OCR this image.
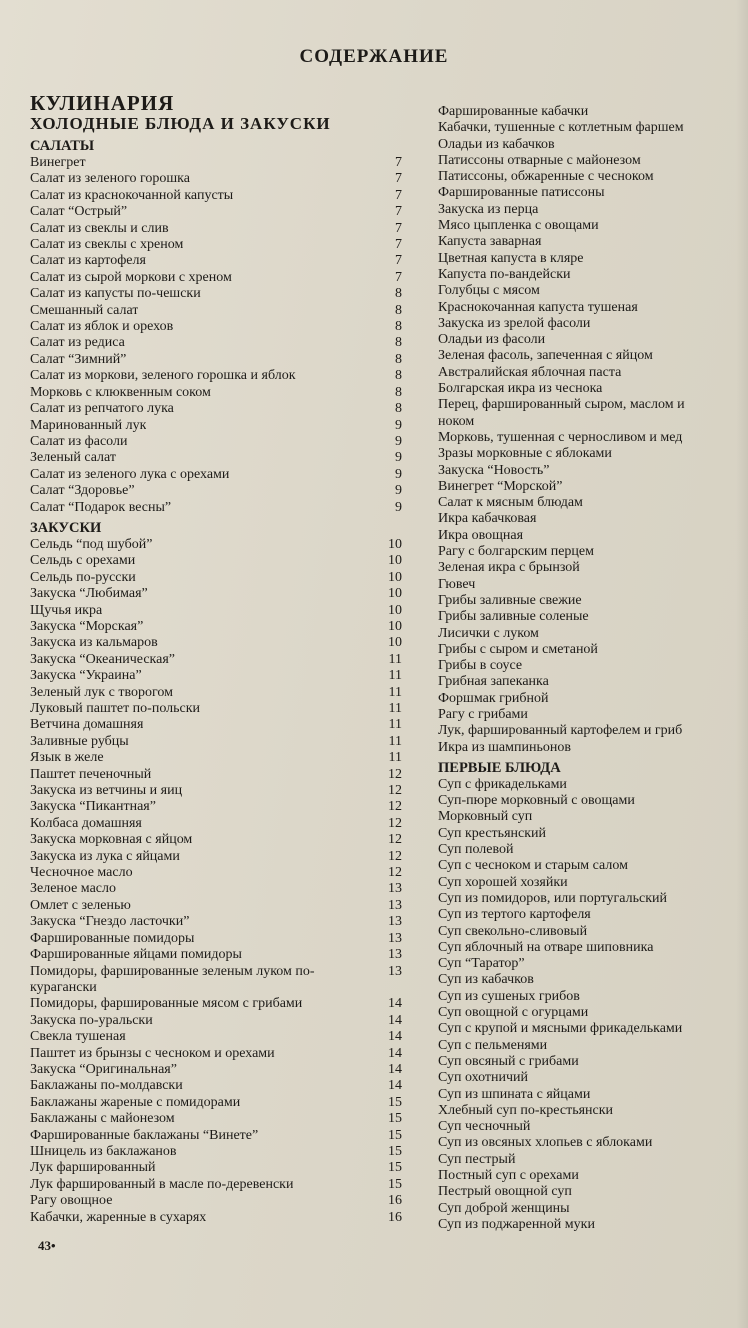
СОДЕРЖАНИЕ
КУЛИНАРИЯ
ХОЛОДНЫЕ БЛЮДА И ЗАКУСКИ
САЛАТЫ
Винегрет	7
Салат из зеленого горошка	7
Салат из краснокочанной капусты	7
Салат “Острый”	7
Салат из свеклы и слив	7
Салат из свеклы с хреном	7
Салат из картофеля	7
Салат из сырой моркови с хреном	7
Салат из капусты по-чешски	8
Смешанный салат	8
Салат из яблок и орехов	8
Салат из редиса	8
Салат “Зимний”	8
Салат из моркови, зеленого горошка и яблок	8
Морковь с клюквенным соком	8
Салат из репчатого лука	8
Маринованный лук	9
Салат из фасоли	9
Зеленый салат	9
Салат из зеленого лука с орехами	9
Салат “Здоровье”	9
Салат “Подарок весны”	9
ЗАКУСКИ
Сельдь “под шубой”	10
Сельдь с орехами	10
Сельдь по-русски	10
Закуска “Любимая”	10
Щучья икра	10
Закуска “Морская”	10
Закуска из кальмаров	10
Закуска “Океаническая”	11
Закуска “Украина”	11
Зеленый лук с творогом	11
Луковый паштет по-польски	11
Ветчина домашняя	11
Заливные рубцы	11
Язык в желе	11
Паштет печеночный	12
Закуска из ветчины и яиц	12
Закуска “Пикантная”	12
Колбаса домашняя	12
Закуска морковная с яйцом	12
Закуска из лука с яйцами	12
Чесночное масло	12
Зеленое масло	13
Омлет с зеленью	13
Закуска “Гнездо ласточки”	13
Фаршированные помидоры	13
Фаршированные яйцами помидоры	13
Помидоры, фаршированные зеленым луком по-курагански
13
Помидоры, фаршированные мясом с грибами	14
Закуска по-уральски	14
Свекла тушеная	14
Паштет из брынзы с чесноком и орехами	14
Закуска “Оригинальная”	14
Баклажаны по-молдавски	14
Баклажаны жареные с помидорами	15
Баклажаны с майонезом	15
Фаршированные баклажаны “Винете”	15
Шницель из баклажанов	15
Лук фаршированный	15
Лук фаршированный в масле по-деревенски	15
Рагу овощное	16
Кабачки, жаренные в сухарях	16
Фаршированные кабачки
Кабачки, тушенные с котлетным фаршем
Оладьи из кабачков
Патиссоны отварные с майонезом
Патиссоны, обжаренные с чесноком
Фаршированные патиссоны
Закуска из перца
Мясо цыпленка с овощами
Капуста заварная
Цветная капуста в кляре
Капуста по-вандейски
Голубцы с мясом
Краснокочанная капуста тушеная
Закуска из зрелой фасоли
Оладьи из фасоли
Зеленая фасоль, запеченная с яйцом
Австралийская яблочная паста
Болгарская икра из чеснока
Перец, фаршированный сыром, маслом и
ноком
Морковь, тушенная с черносливом и мед
Зразы морковные с яблоками
Закуска “Новость”
Винегрет “Морской”
Салат к мясным блюдам
Икра кабачковая
Икра овощная
Рагу с болгарским перцем
Зеленая икра с брынзой
Гювеч
Грибы заливные свежие
Грибы заливные соленые
Лисички с луком
Грибы с сыром и сметаной
Грибы в соусе
Грибная запеканка
Форшмак грибной
Рагу с грибами
Лук, фаршированный картофелем и гриб
Икра из шампиньонов
ПЕРВЫЕ БЛЮДА
Суп с фрикадельками
Суп-пюре морковный с овощами
Морковный суп
Суп крестьянский
Суп полевой
Суп с чесноком и старым салом
Суп хорошей хозяйки
Суп из помидоров, или португальский
Суп из тертого картофеля
Суп свекольно-сливовый
Суп яблочный на отваре шиповника
Суп “Таратор”
Суп из кабачков
Суп из сушеных грибов
Суп овощной с огурцами
Суп с крупой и мясными фрикадельками
Суп с пельменями
Суп овсяный с грибами
Суп охотничий
Суп из шпината с яйцами
Хлебный суп по-крестьянски
Суп чесночный
Суп из овсяных хлопьев с яблоками
Суп пестрый
Постный суп с орехами
Пестрый овощной суп
Суп доброй женщины
Суп из поджаренной муки
43•
